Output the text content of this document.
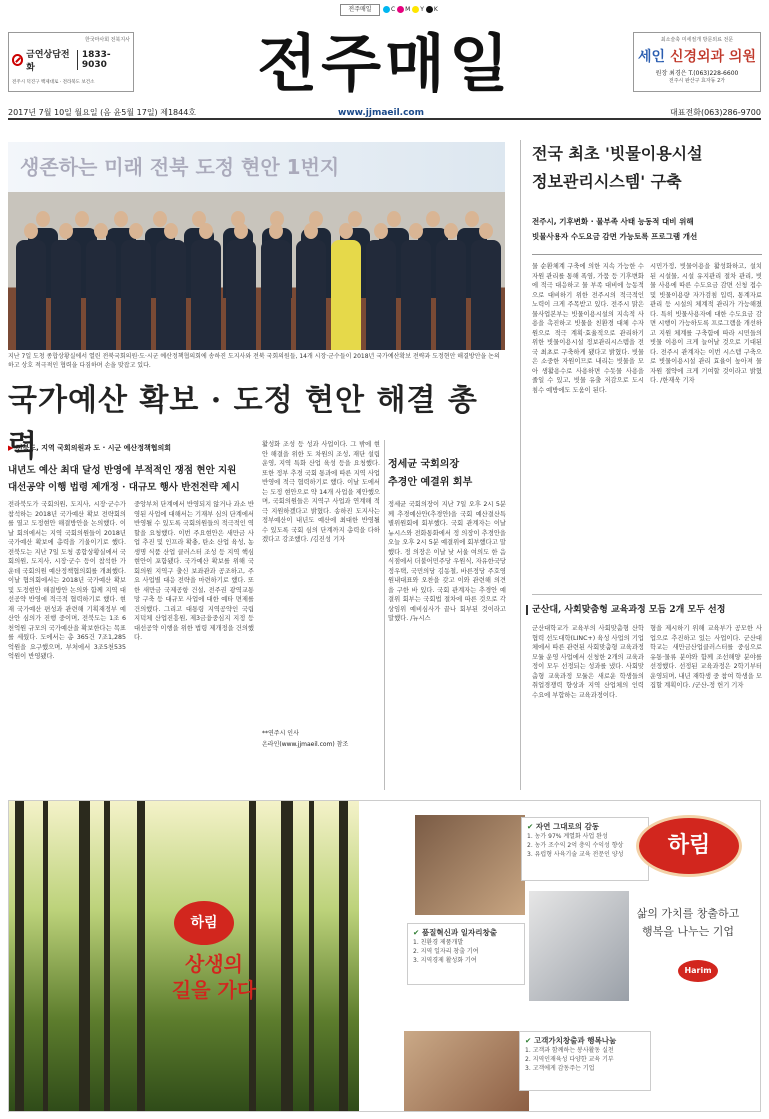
전주매일	C M Y K
한국마사회 전북지사
금연상담전화
1833-9030
전주시 덕진구 백제대로 · 전라북도 보건소	전주매일	최소술축 미세절개 방문외료 전문
세인 신경외과 의원
원장 최경은 T.(063)228-6600
전주시 완산구 효자동 2가
2017년 7월 10일 월요일 (음 윤5월 17일) 제1844호	www.jjmaeil.com	대표전화(063)286-9700
생존하는 미래 전북 도정 현안 1번지
지난 7일 도청 종합상황실에서 열린 전북국회의원·도·시군 예산정책협의회에 송하진 도지사와 전북 국회의원들, 14개 시장·군수들이 2018년 국가예산확보 전략과 도정현안 해결방안을 논의하고 상호 적극적인 협력을 다짐하며 손을 맞잡고 있다.
국가예산 확보 · 도정 현안 해결 총력
▶ 전북도, 지역 국회의원과 도 · 시군 예산정책협의회
내년도 예산 최대 달성 반영에 부적적인 쟁점 현안 지원
대선공약 이행 법령 제개정 · 대규모 행사 반전전략 제시
전라북도가 국회의원, 도지사, 시장·군수가 참석하는 2018년 국가예산 확보 전략회의를 열고 도정현안 해결방안을 논의했다. 이날 회의에서는 지역 국회의원들이 2018년 국가예산 확보에 총력을 기울이기로 했다. 전북도는 지난 7일 도청 종합상황실에서 국회의원, 도지사, 시장·군수 등이 참석한 가운데 국회의원 예산정책협의회를 개최했다. 이날 협의회에서는 2018년 국가예산 확보 및 도정현안 해결방안 논의와 함께 지역 대선공약 반영에 적극적 협력하기로 했다. 현재 국가예산 편성과 관련해 기획재정부 예산안 심의가 진행 중이며, 전북도는 1조 6천억원 규모의 국가예산을 확보한다는 목표를 세웠다. 도에서는 총 365건 7조1,285억원을 요구했으며, 부처에서 3조5천535억원이 반영됐다.
중앙부처 단계에서 반영되지 않거나 과소 반영된 사업에 대해서는 기재부 심의 단계에서 반영될 수 있도록 국회의원들의 적극적인 역할을 요청했다. 이번 주요현안은 새만금 사업 추진 및 인프라 확충, 탄소 산업 육성, 농생명 식품 산업 클러스터 조성 등 지역 핵심 현안이 포함됐다. 국가예산 확보를 위해 국회의원 지역구 출신 보좌관과 공조하고, 주요 사업별 대응 전략을 마련하기로 했다. 또한 새만금 국제공항 건설, 전주권 광역교통망 구축 등 대규모 사업에 대한 예타 면제를 건의했다. 그리고 대통령 지역공약인 국립 지덕체 산업진흥원, 제3금융중심지 지정 등 대선공약 이행을 위한 법령 제개정을 건의했다.
활성화 조성 등 성과 사업이다. 그 밖에 현안 해결을 위한 도 차원의 조성, 재단 설립 운영, 지역 특화 산업 육성 등을 요청했다. 또한 정부 추경 국회 통과에 따른 지역 사업 반영에 적극 협력하기로 했다. 이날 도에서는 도정 현안으로 약 14개 사업을 제안했으며, 국회의원들은 지역구 사업과 연계해 적극 지원하겠다고 밝혔다. 송하진 도지사는 정부예산이 내년도 예산에 최대한 반영될 수 있도록 국회 심의 단계까지 총력을 다하겠다고 강조했다. /김진성 기자
**연주시 인사
온라인(www.jjmaeil.com) 참조
정세균 국회의장
추경안 예결위 회부
정세균 국회의장이 지난 7일 오후 2시 5분께 추경예산안(추경안)을 국회 예산결산특별위원회에 회부했다. 국회 관계자는 이날 뉴시스와 전화통화에서 정 의장이 추경안을 오늘 오후 2시 5분 예결위에 회부했다고 말했다. 정 의장은 이날 낮 서울 여의도 한 음식점에서 더불어민주당 우원식, 자유한국당 정우택, 국민의당 김동철, 바른정당 주호영 원내대표와 오찬을 갖고 이와 관련해 의견을 구한 바 있다. 국회 관계자는 추경안 예결위 회부는 국회법 절차에 따른 것으로 각 상임위 예비심사가 끝나 회부된 것이라고 말했다. /뉴시스
전국 최초 '빗물이용시설
정보관리시스템' 구축
전주시, 기후변화 · 물부족 사태 능동적 대비 위해
빗물사용자 수도요금 감면 가능토록 프로그램 개선
물 순환체계 구축에 의한 지속 가능한 수자원 관리를 통해 폭염, 가뭄 등 기후변화에 적극 대응하고 물 부족 대비에 능동적으로 대비하기 위한 전주시의 적극적인 노력이 크게 주목받고 있다. 전주시 맑은물사업본부는 빗물이용시설의 지속적 사용을 촉진하고 빗물을 친환경 대체 수자원으로 적극 계획·효율적으로 관리하기 위한 빗물이용시설 정보관리시스템을 전국 최초로 구축하게 됐다고 밝혔다. 빗물은 소중한 자원이므로 내리는 빗물을 모아 생활용수로 사용하면 수돗물 사용을 줄일 수 있고, 빗물 유출 저감으로 도시 침수 예방에도 도움이 된다.
시민가정, 빗물이용을 활성화하고, 설치된 시설물, 시설 유지관리 절차 관리, 빗물 사용에 따른 수도요금 감면 신청 접수 및 빗물이용량 자가검침 입력, 통계자료 관리 등 시설의 체계적 관리가 가능해졌다. 특히 빗물사용자에 대한 수도요금 감면 시행이 가능하도록 프로그램을 개선하고 지원 체계를 구축함에 따라 시민들의 빗물 이용이 크게 늘어날 것으로 기대된다. 전주시 관계자는 이번 시스템 구축으로 빗물이용시설 관리 효율이 높아져 물 자원 절약에 크게 기여할 것이라고 밝혔다. /한재욱 기자
군산대, 사회맞춤형 교육과정 모듬 2개 모두 선정
군산대학교가 교육부의 사회맞춤형 산학협력 선도대학(LINC+) 육성 사업의 기업체에서 따른 관련된 사회맞춤형 교육과정 모듈 운영 사업에서 신청한 2개의 교육과정이 모두 선정되는 성과를 냈다. 사회맞춤형 교육과정 모듈은 새로운 학생들의 취업경쟁력 향상과 지역 산업체의 인력 수요에 부합하는 교육과정이다.
형을 제시하기 위해 교육부가 공모한 사업으로 추진하고 있는 사업이다. 군산대학교는 새만금산업클러스터를 중심으로 유통·물류 분야와 함께 조선해양 분야를 선정했다. 선정된 교육과정은 2학기부터 운영되며, 내년 재학생 중 참여 학생을 모집할 계획이다. /군산-정 헌기 기자
하림
상생의
길을 가다
✔ 자연 그대로의 감동
1. 농가 97% 계열화 사업 완성
2. 농가 조수익 2억 충익 수익성 향상
3. 유럽형 사육기술 교육 전문인 양성
✔ 품질혁신과 일자리창출
1. 친환경 제품개발
2. 지역 일자리 창출 기여
3. 지역경제 활성화 기여
✔ 고객가치창출과 행복나눔
1. 고객과 함께하는 봉사활동 실천
2. 지역인재육성 다양한 교육 기부
3. 고객에게 감동주는 기업
하림
삶의 가치를 창출하고
행복을 나누는 기업
Harim
